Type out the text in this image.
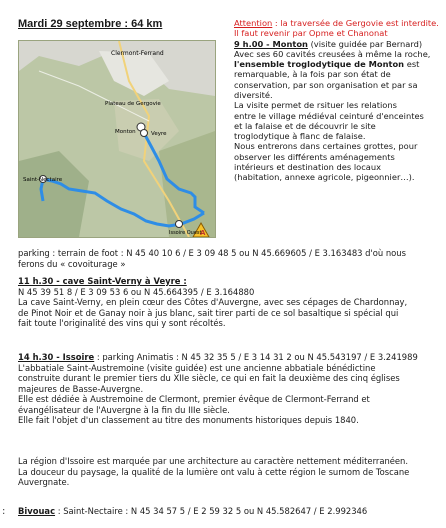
Mardi 29 septembre : 64 km
A
Clermont-Ferrand
Plateau de Gergovie
Monton	Veyre
Saint-Nectaire
Issoire Ouest
Attention : la traversée de Gergovie est interdite. Il faut revenir par Opme et Chanonat
9 h.00 - Monton (visite guidée par Bernard)
Avec ses 60 cavités creusées à même la roche,
l'ensemble troglodytique de Monton est
remarquable, à la fois par son état de
conservation, par son organisation et par sa
diversité.
La visite permet de rsituer les relations
entre le village médiéval ceinturé d'enceintes
et la falaise et de découvrir le site
troglodytique à flanc de falaise.
Nous entrerons dans certaines grottes, pour
observer les différents aménagements
intérieurs et destination des locaux
(habitation, annexe agricole, pigeonnier…).
parking : terrain de foot : N 45 40 10 6 / E 3 09 48 5 ou N 45.669605 / E 3.163483 d'où nous
ferons du « covoiturage »
11 h.30 - cave Saint-Verny à Veyre :
N 45 39 51 8 / E 3 09 53 6 ou N 45.664395 / E 3.164880
La cave Saint-Verny, en plein cœur des Côtes d'Auvergne, avec ses cépages de Chardonnay,
de Pinot Noir et de Ganay noir à jus blanc, sait tirer parti de ce sol basaltique si spécial qui
fait toute l'originalité des vins qui y sont récoltés.
14 h.30 - Issoire : parking Animatis : N 45 32 35 5 / E 3 14 31 2 ou N 45.543197 / E 3.241989
L'abbatiale Saint-Austremoine (visite guidée) est une ancienne abbatiale bénédictine
construite durant le premier tiers du XIIe siècle, ce qui en fait la deuxième des cinq églises
majeures de Basse-Auvergne.
Elle est dédiée à Austremoine de Clermont, premier évêque de Clermont-Ferrand et
évangélisateur de l'Auvergne à la fin du IIIe siècle.
Elle fait l'objet d'un classement au titre des monuments historiques depuis 1840.
La région d'Issoire est marquée par une architecture au caractère nettement méditerranéen.
La douceur du paysage, la qualité de la lumière ont valu à cette région le surnom de Toscane
Auvergnate.
: Bivouac : Saint-Nectaire : N 45 34 57 5 / E 2 59 32 5 ou N 45.582647 / E 2.992346
